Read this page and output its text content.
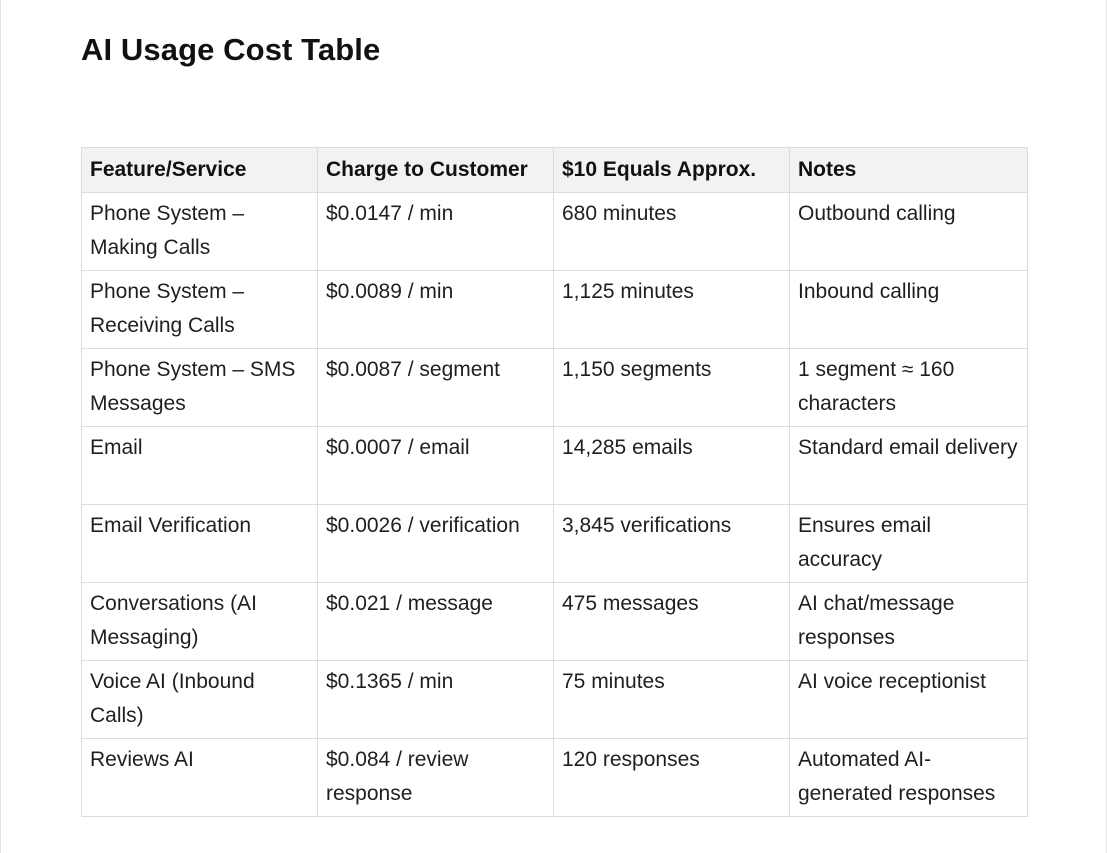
AI Usage Cost Table
Feature/Service	Charge to Customer	$10 Equals Approx.	Notes
Phone System – Making Calls	$0.0147 / min	680 minutes	Outbound calling
Phone System – Receiving Calls	$0.0089 / min	1,125 minutes	Inbound calling
Phone System – SMS Messages	$0.0087 / segment	1,150 segments	1 segment ≈ 160 characters
Email	$0.0007 / email	14,285 emails	Standard email delivery
Email Verification	$0.0026 / verification	3,845 verifications	Ensures email accuracy
Conversations (AI Messaging)	$0.021 / message	475 messages	AI chat/message responses
Voice AI (Inbound Calls)	$0.1365 / min	75 minutes	AI voice receptionist
Reviews AI	$0.084 / review response	120 responses	Automated AI-generated responses
